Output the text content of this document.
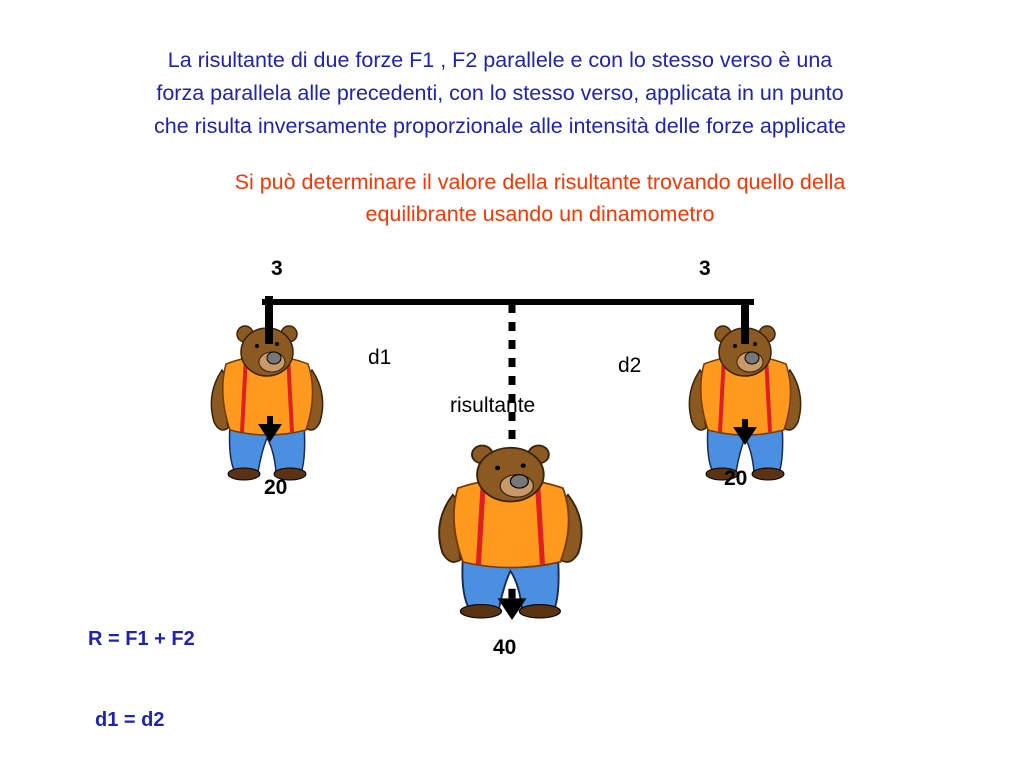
La risultante di due forze F1 , F2 parallele e con lo stesso verso è una
forza parallela alle precedenti, con lo stesso verso, applicata in un punto
che risulta inversamente proporzionale alle intensità delle forze applicate
Si può determinare il valore della risultante trovando quello della
equilibrante usando un dinamometro
3	3
d1	d2
risultante
20	20
40
R = F1 + F2
d1 = d2
